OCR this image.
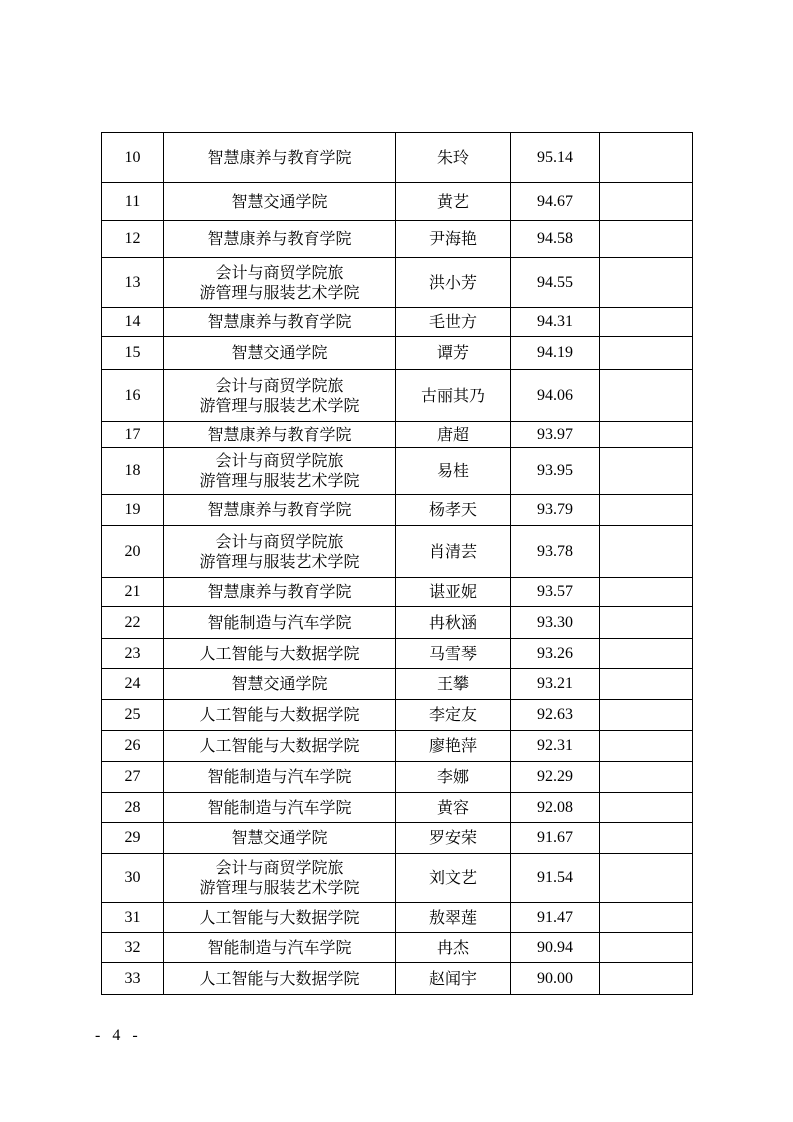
10	智慧康养与教育学院	朱玲	95.14	
11	智慧交通学院	黄艺	94.67	
12	智慧康养与教育学院	尹海艳	94.58	
13	会计与商贸学院旅
游管理与服装艺术学院	洪小芳	94.55	
14	智慧康养与教育学院	毛世方	94.31	
15	智慧交通学院	谭芳	94.19	
16	会计与商贸学院旅
游管理与服装艺术学院	古丽其乃	94.06	
17	智慧康养与教育学院	唐超	93.97	
18	会计与商贸学院旅
游管理与服装艺术学院	易桂	93.95	
19	智慧康养与教育学院	杨孝天	93.79	
20	会计与商贸学院旅
游管理与服装艺术学院	肖清芸	93.78	
21	智慧康养与教育学院	谌亚妮	93.57	
22	智能制造与汽车学院	冉秋涵	93.30	
23	人工智能与大数据学院	马雪琴	93.26	
24	智慧交通学院	王攀	93.21	
25	人工智能与大数据学院	李定友	92.63	
26	人工智能与大数据学院	廖艳萍	92.31	
27	智能制造与汽车学院	李娜	92.29	
28	智能制造与汽车学院	黄容	92.08	
29	智慧交通学院	罗安荣	91.67	
30	会计与商贸学院旅
游管理与服装艺术学院	刘文艺	91.54	
31	人工智能与大数据学院	敖翠莲	91.47	
32	智能制造与汽车学院	冉杰	90.94	
33	人工智能与大数据学院	赵闻宇	90.00	
- 4 -
